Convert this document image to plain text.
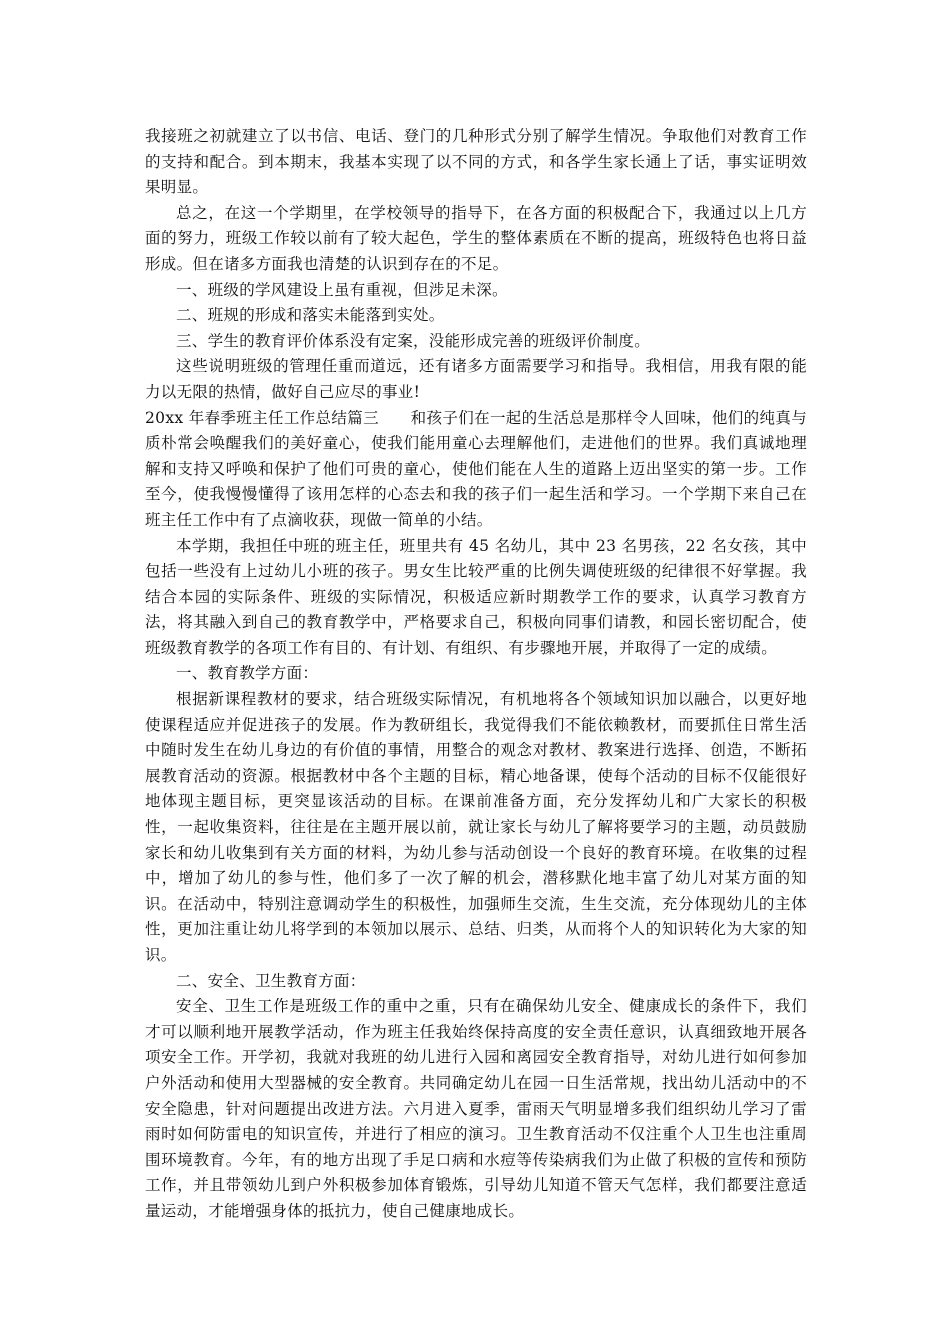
我接班之初就建立了以书信、电话、登门的几种形式分别了解学生情况。争取他们对教育工作的支持和配合。到本期末，我基本实现了以不同的方式，和各学生家长通上了话，事实证明效果明显。

总之，在这一个学期里，在学校领导的指导下，在各方面的积极配合下，我通过以上几方面的努力，班级工作较以前有了较大起色，学生的整体素质在不断的提高，班级特色也将日益形成。但在诸多方面我也清楚的认识到存在的不足。

一、班级的学风建设上虽有重视，但涉足未深。

二、班规的形成和落实未能落到实处。

三、学生的教育评价体系没有定案，没能形成完善的班级评价制度。

这些说明班级的管理任重而道远，还有诸多方面需要学习和指导。我相信，用我有限的能力以无限的热情，做好自己应尽的事业!

20xx 年春季班主任工作总结篇三　　和孩子们在一起的生活总是那样令人回味，他们的纯真与质朴常会唤醒我们的美好童心，使我们能用童心去理解他们，走进他们的世界。我们真诚地理解和支持又呼唤和保护了他们可贵的童心，使他们能在人生的道路上迈出坚实的第一步。工作至今，使我慢慢懂得了该用怎样的心态去和我的孩子们一起生活和学习。一个学期下来自己在班主任工作中有了点滴收获，现做一简单的小结。

本学期，我担任中班的班主任，班里共有 45 名幼儿，其中 23 名男孩，22 名女孩，其中包括一些没有上过幼儿小班的孩子。男女生比较严重的比例失调使班级的纪律很不好掌握。我结合本园的实际条件、班级的实际情况，积极适应新时期教学工作的要求，认真学习教育方法，将其融入到自己的教育教学中，严格要求自己，积极向同事们请教，和园长密切配合，使班级教育教学的各项工作有目的、有计划、有组织、有步骤地开展，并取得了一定的成绩。

一、教育教学方面：

根据新课程教材的要求，结合班级实际情况，有机地将各个领域知识加以融合，以更好地使课程适应并促进孩子的发展。作为教研组长，我觉得我们不能依赖教材，而要抓住日常生活中随时发生在幼儿身边的有价值的事情，用整合的观念对教材、教案进行选择、创造，不断拓展教育活动的资源。根据教材中各个主题的目标，精心地备课，使每个活动的目标不仅能很好地体现主题目标，更突显该活动的目标。在课前准备方面，充分发挥幼儿和广大家长的积极性，一起收集资料，往往是在主题开展以前，就让家长与幼儿了解将要学习的主题，动员鼓励家长和幼儿收集到有关方面的材料，为幼儿参与活动创设一个良好的教育环境。在收集的过程中，增加了幼儿的参与性，他们多了一次了解的机会，潜移默化地丰富了幼儿对某方面的知识。在活动中，特别注意调动学生的积极性，加强师生交流，生生交流，充分体现幼儿的主体性，更加注重让幼儿将学到的本领加以展示、总结、归类，从而将个人的知识转化为大家的知识。

二、安全、卫生教育方面：

安全、卫生工作是班级工作的重中之重，只有在确保幼儿安全、健康成长的条件下，我们才可以顺利地开展教学活动，作为班主任我始终保持高度的安全责任意识，认真细致地开展各项安全工作。开学初，我就对我班的幼儿进行入园和离园安全教育指导，对幼儿进行如何参加户外活动和使用大型器械的安全教育。共同确定幼儿在园一日生活常规，找出幼儿活动中的不安全隐患，针对问题提出改进方法。六月进入夏季，雷雨天气明显增多我们组织幼儿学习了雷雨时如何防雷电的知识宣传，并进行了相应的演习。卫生教育活动不仅注重个人卫生也注重周围环境教育。今年，有的地方出现了手足口病和水痘等传染病我们为止做了积极的宣传和预防工作，并且带领幼儿到户外积极参加体育锻炼，引导幼儿知道不管天气怎样，我们都要注意适量运动，才能增强身体的抵抗力，使自己健康地成长。
